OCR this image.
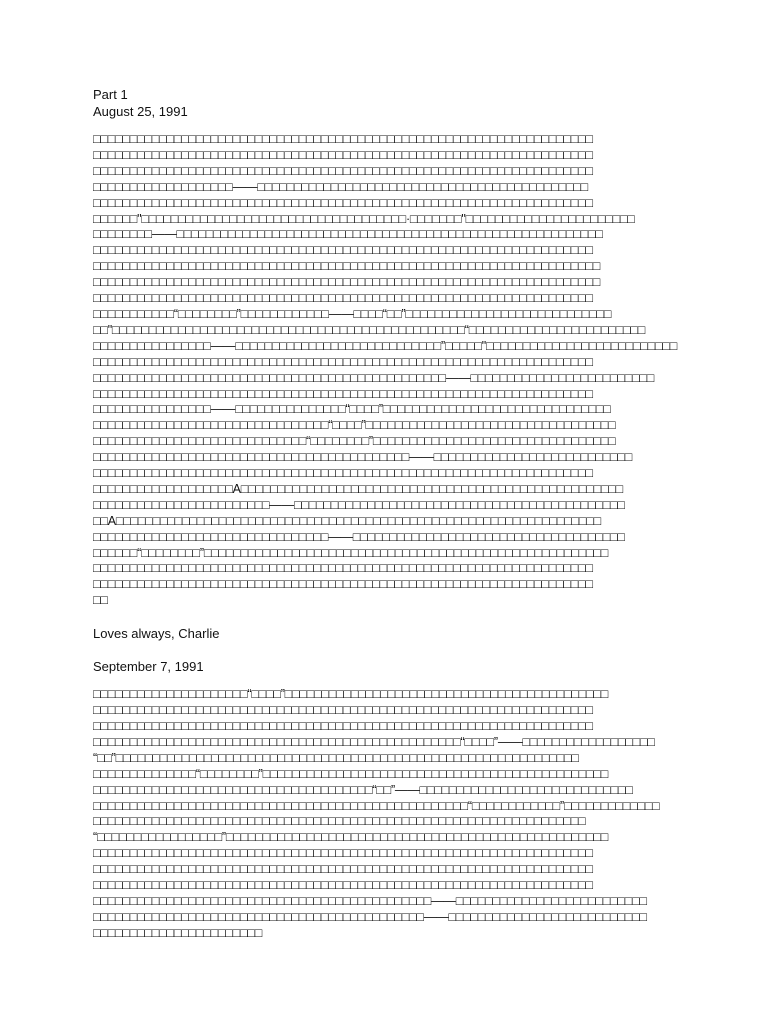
Part 1

August 25, 1991

□□□□□□□□□□□□□□□□□□□□□□□□□□□□□□□□□□□□□□□□□□□□□□□□□□□□□□□□□□□□□□□□□□□□
□□□□□□□□□□□□□□□□□□□□□□□□□□□□□□□□□□□□□□□□□□□□□□□□□□□□□□□□□□□□□□□□□□□□
□□□□□□□□□□□□□□□□□□□□□□□□□□□□□□□□□□□□□□□□□□□□□□□□□□□□□□□□□□□□□□□□□□□□
□□□□□□□□□□□□□□□□□□□——□□□□□□□□□□□□□□□□□□□□□□□□□□□□□□□□□□□□□□□□□□□□□
□□□□□□□□□□□□□□□□□□□□□□□□□□□□□□□□□□□□□□□□□□□□□□□□□□□□□□□□□□□□□□□□□□□□
□□□□□□"□□□□□□□□□□□□□□□□□□□□□□□□□□□□□□□□□□□□·□□□□□□□"□□□□□□□□□□□□□□□□□□□□□□□
□□□□□□□□——□□□□□□□□□□□□□□□□□□□□□□□□□□□□□□□□□□□□□□□□□□□□□□□□□□□□□□□□□□
□□□□□□□□□□□□□□□□□□□□□□□□□□□□□□□□□□□□□□□□□□□□□□□□□□□□□□□□□□□□□□□□□□□□
□□□□□□□□□□□□□□□□□□□□□□□□□□□□□□□□□□□□□□□□□□□□□□□□□□□□□□□□□□□□□□□□□□□□□
□□□□□□□□□□□□□□□□□□□□□□□□□□□□□□□□□□□□□□□□□□□□□□□□□□□□□□□□□□□□□□□□□□□□□
□□□□□□□□□□□□□□□□□□□□□□□□□□□□□□□□□□□□□□□□□□□□□□□□□□□□□□□□□□□□□□□□□□□□
□□□□□□□□□□□“□□□□□□□□”□□□□□□□□□□□□——□□□□“□□”□□□□□□□□□□□□□□□□□□□□□□□□□□□□
□□"□□□□□□□□□□□□□□□□□□□□□□□□□□□□□□□□□□□□□□□□□□□□□□□□“□□□□□□□□□□□□□□□□□□□□□□□□
□□□□□□□□□□□□□□□□——□□□□□□□□□□□□□□□□□□□□□□□□□□□□”□□□□□"□□□□□□□□□□□□□□□□□□□□□□□□□□
□□□□□□□□□□□□□□□□□□□□□□□□□□□□□□□□□□□□□□□□□□□□□□□□□□□□□□□□□□□□□□□□□□□□
□□□□□□□□□□□□□□□□□□□□□□□□□□□□□□□□□□□□□□□□□□□□□□□□——□□□□□□□□□□□□□□□□□□□□□□□□□
□□□□□□□□□□□□□□□□□□□□□□□□□□□□□□□□□□□□□□□□□□□□□□□□□□□□□□□□□□□□□□□□□□□□
□□□□□□□□□□□□□□□□——□□□□□□□□□□□□□□□“□□□□”□□□□□□□□□□□□□□□□□□□□□□□□□□□□□□□
□□□□□□□□□□□□□□□□□□□□□□□□□□□□□□□□“□□□□”□□□□□□□□□□□□□□□□□□□□□□□□□□□□□□□□□□
□□□□□□□□□□□□□□□□□□□□□□□□□□□□□“□□□□□□□□”□□□□□□□□□□□□□□□□□□□□□□□□□□□□□□□□□
□□□□□□□□□□□□□□□□□□□□□□□□□□□□□□□□□□□□□□□□□□□——□□□□□□□□□□□□□□□□□□□□□□□□□□□
□□□□□□□□□□□□□□□□□□□□□□□□□□□□□□□□□□□□□□□□□□□□□□□□□□□□□□□□□□□□□□□□□□□□
□□□□□□□□□□□□□□□□□□□A□□□□□□□□□□□□□□□□□□□□□□□□□□□□□□□□□□□□□□□□□□□□□□□□□□□□
□□□□□□□□□□□□□□□□□□□□□□□□——□□□□□□□□□□□□□□□□□□□□□□□□□□□□□□□□□□□□□□□□□□□□□
□□A□□□□□□□□□□□□□□□□□□□□□□□□□□□□□□□□□□□□□□□□□□□□□□□□□□□□□□□□□□□□□□□□□□
□□□□□□□□□□□□□□□□□□□□□□□□□□□□□□□□——□□□□□□□□□□□□□□□□□□□□□□□□□□□□□□□□□□□□□
□□□□□□“□□□□□□□□”□□□□□□□□□□□□□□□□□□□□□□□□□□□□□□□□□□□□□□□□□□□□□□□□□□□□□□□
□□□□□□□□□□□□□□□□□□□□□□□□□□□□□□□□□□□□□□□□□□□□□□□□□□□□□□□□□□□□□□□□□□□□
□□□□□□□□□□□□□□□□□□□□□□□□□□□□□□□□□□□□□□□□□□□□□□□□□□□□□□□□□□□□□□□□□□□□
□□

Loves always, Charlie

September 7, 1991

□□□□□□□□□□□□□□□□□□□□□“□□□□”□□□□□□□□□□□□□□□□□□□□□□□□□□□□□□□□□□□□□□□□□□□□
□□□□□□□□□□□□□□□□□□□□□□□□□□□□□□□□□□□□□□□□□□□□□□□□□□□□□□□□□□□□□□□□□□□□
□□□□□□□□□□□□□□□□□□□□□□□□□□□□□□□□□□□□□□□□□□□□□□□□□□□□□□□□□□□□□□□□□□□□
□□□□□□□□□□□□□□□□□□□□□□□□□□□□□□□□□□□□□□□□□□□□□□□□□□“□□□□”——□□□□□□□□□□□□□□□□□□
“□□”□□□□□□□□□□□□□□□□□□□□□□□□□□□□□□□□□□□□□□□□□□□□□□□□□□□□□□□□□□□□□□□
□□□□□□□□□□□□□□“□□□□□□□□”□□□□□□□□□□□□□□□□□□□□□□□□□□□□□□□□□□□□□□□□□□□□□□□
□□□□□□□□□□□□□□□□□□□□□□□□□□□□□□□□□□□□□□“□□”——□□□□□□□□□□□□□□□□□□□□□□□□□□□□□
□□□□□□□□□□□□□□□□□□□□□□□□□□□□□□□□□□□□□□□□□□□□□□□□□□□“□□□□□□□□□□□□”□□□□□□□□□□□□□
□□□□□□□□□□□□□□□□□□□□□□□□□□□□□□□□□□□□□□□□□□□□□□□□□□□□□□□□□□□□□□□□□□□
“□□□□□□□□□□□□□□□□□”□□□□□□□□□□□□□□□□□□□□□□□□□□□□□□□□□□□□□□□□□□□□□□□□□□□□
□□□□□□□□□□□□□□□□□□□□□□□□□□□□□□□□□□□□□□□□□□□□□□□□□□□□□□□□□□□□□□□□□□□□
□□□□□□□□□□□□□□□□□□□□□□□□□□□□□□□□□□□□□□□□□□□□□□□□□□□□□□□□□□□□□□□□□□□□
□□□□□□□□□□□□□□□□□□□□□□□□□□□□□□□□□□□□□□□□□□□□□□□□□□□□□□□□□□□□□□□□□□□□
□□□□□□□□□□□□□□□□□□□□□□□□□□□□□□□□□□□□□□□□□□□□□□——□□□□□□□□□□□□□□□□□□□□□□□□□□
□□□□□□□□□□□□□□□□□□□□□□□□□□□□□□□□□□□□□□□□□□□□□——□□□□□□□□□□□□□□□□□□□□□□□□□□□
□□□□□□□□□□□□□□□□□□□□□□□
